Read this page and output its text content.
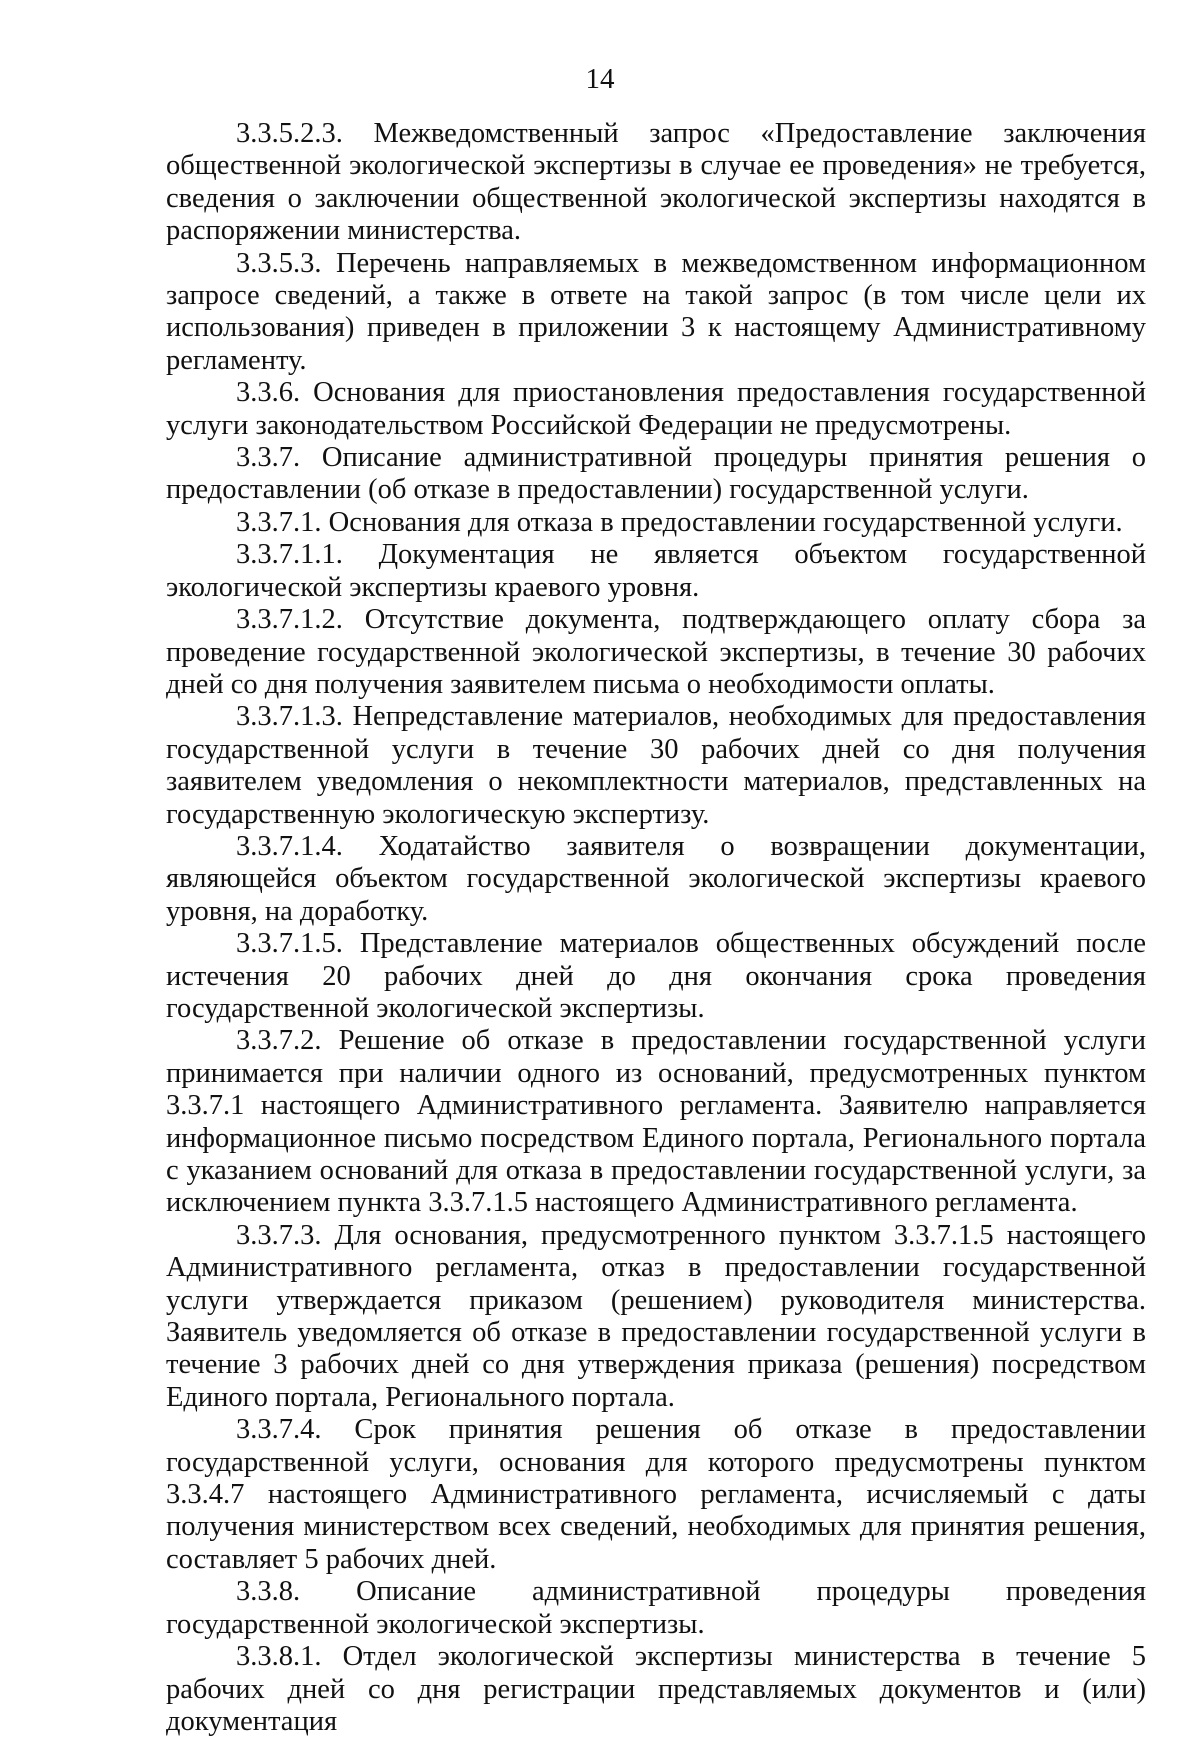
14

3.3.5.2.3. Межведомственный запрос «Предоставление заключения общественной экологической экспертизы в случае ее проведения» не требуется, сведения о заключении общественной экологической экспертизы находятся в распоряжении министерства.

3.3.5.3. Перечень направляемых в межведомственном информационном запросе сведений, а также в ответе на такой запрос (в том числе цели их использования) приведен в приложении 3 к настоящему Административному регламенту.

3.3.6. Основания для приостановления предоставления государственной услуги законодательством Российской Федерации не предусмотрены.

3.3.7. Описание административной процедуры принятия решения о предоставлении (об отказе в предоставлении) государственной услуги.

3.3.7.1. Основания для отказа в предоставлении государственной услуги.

3.3.7.1.1. Документация не является объектом государственной экологической экспертизы краевого уровня.

3.3.7.1.2. Отсутствие документа, подтверждающего оплату сбора за проведение государственной экологической экспертизы, в течение 30 рабочих дней со дня получения заявителем письма о необходимости оплаты.

3.3.7.1.3. Непредставление материалов, необходимых для предоставления государственной услуги в течение 30 рабочих дней со дня получения заявителем уведомления о некомплектности материалов, представленных на государственную экологическую экспертизу.

3.3.7.1.4. Ходатайство заявителя о возвращении документации, являющейся объектом государственной экологической экспертизы краевого уровня, на доработку.

3.3.7.1.5. Представление материалов общественных обсуждений после истечения 20 рабочих дней до дня окончания срока проведения государственной экологической экспертизы.

3.3.7.2. Решение об отказе в предоставлении государственной услуги принимается при наличии одного из оснований, предусмотренных пунктом 3.3.7.1 настоящего Административного регламента. Заявителю направляется информационное письмо посредством Единого портала, Регионального портала с указанием оснований для отказа в предоставлении государственной услуги, за исключением пункта 3.3.7.1.5 настоящего Административного регламента.

3.3.7.3. Для основания, предусмотренного пунктом 3.3.7.1.5 настоящего Административного регламента, отказ в предоставлении государственной услуги утверждается приказом (решением) руководителя министерства. Заявитель уведомляется об отказе в предоставлении государственной услуги в течение 3 рабочих дней со дня утверждения приказа (решения) посредством Единого портала, Регионального портала.

3.3.7.4. Срок принятия решения об отказе в предоставлении государственной услуги, основания для которого предусмотрены пунктом 3.3.4.7 настоящего Административного регламента, исчисляемый с даты получения министерством всех сведений, необходимых для принятия решения, составляет 5 рабочих дней.

3.3.8. Описание административной процедуры проведения государственной экологической экспертизы.

3.3.8.1. Отдел экологической экспертизы министерства в течение 5 рабочих дней со дня регистрации представляемых документов и (или) документация
